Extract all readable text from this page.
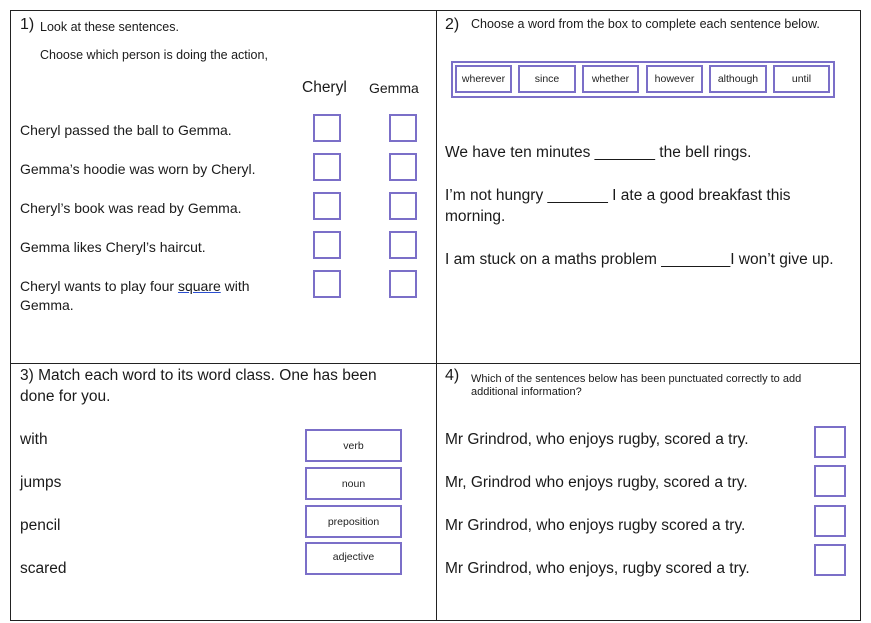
1) Look at these sentences.
Choose which person is doing the action,
Cheryl Gemma
Cheryl passed the ball to Gemma.
Gemma’s hoodie was worn by Cheryl.
Cheryl’s book was read by Gemma.
Gemma likes Cheryl’s haircut.
Cheryl wants to play four square with
Gemma.
2) Choose a word from the box to complete each sentence below.
wherever	since	whether	however	although	until
We have ten minutes _______ the bell rings.
I’m not hungry _______ I ate a good breakfast this
morning.
I am stuck on a maths problem ________I won’t give up.
3) Match each word to its word class. One has been
done for you.
with
jumps
pencil
scared
verb
noun
preposition
adjective
4) Which of the sentences below has been punctuated correctly to add
additional information?
Mr Grindrod, who enjoys rugby, scored a try.
Mr, Grindrod who enjoys rugby, scored a try.
Mr Grindrod, who enjoys rugby scored a try.
Mr Grindrod, who enjoys, rugby scored a try.
